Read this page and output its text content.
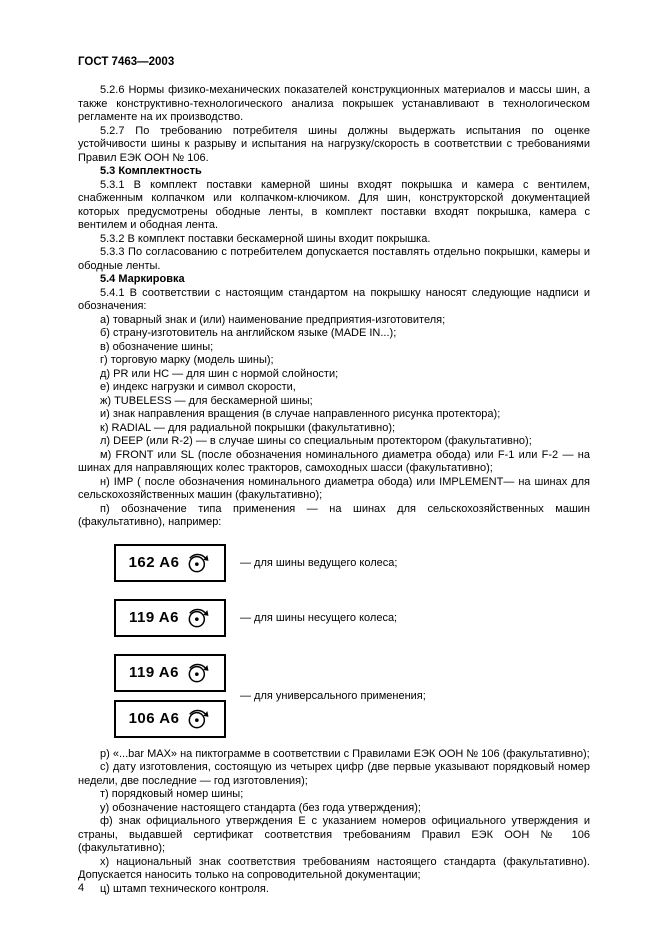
ГОСТ 7463—2003

5.2.6 Нормы физико-механических показателей конструкционных материалов и массы шин, а также конструктивно-технологического анализа покрышек устанавливают в технологическом регламенте на их производство.

5.2.7 По требованию потребителя шины должны выдержать испытания по оценке устойчивости шины к разрыву и испытания на нагрузку/скорость в соответствии с требованиями Правил ЕЭК ООН № 106.

5.3 Комплектность

5.3.1 В комплект поставки камерной шины входят покрышка и камера с вентилем, снабженным колпачком или колпачком-ключиком. Для шин, конструкторской документацией которых предусмотрены ободные ленты, в комплект поставки входят покрышка, камера с вентилем и ободная лента.

5.3.2 В комплект поставки бескамерной шины входит покрышка.

5.3.3 По согласованию с потребителем допускается поставлять отдельно покрышки, камеры и ободные ленты.

5.4 Маркировка

5.4.1 В соответствии с настоящим стандартом на покрышку наносят следующие надписи и обозначения:

а) товарный знак и (или) наименование предприятия-изготовителя;

б) страну-изготовитель на английском языке (MADE IN...);

в) обозначение шины;

г) торговую марку (модель шины);

д) PR или HC — для шин с нормой слойности;

е) индекс нагрузки и символ скорости,

ж) TUBELESS — для бескамерной шины;

и) знак направления вращения (в случае направленного рисунка протектора);

к) RADIAL — для радиальной покрышки (факультативно);

л) DEEP (или R-2) — в случае шины со специальным протектором (факультативно);

м) FRONT или SL (после обозначения номинального диаметра обода) или F-1 или F-2 — на шинах для направляющих колес тракторов, самоходных шасси (факультативно);

н) IMP ( после обозначения номинального диаметра обода) или IMPLEMENT— на шинах для сельскохозяйственных машин (факультативно);

п) обозначение типа применения — на шинах для сельскохозяйственных машин (факультативно), например:

162 A6	— для шины ведущего колеса;
119 A6	— для шины несущего колеса;
119 A6
106 A6
— для универсального применения;

р) «...bar MAX» на пиктограмме в соответствии с Правилами ЕЭК ООН № 106 (факультативно);

с) дату изготовления, состоящую из четырех цифр (две первые указывают порядковый номер недели, две последние — год изготовления);

т) порядковый номер шины;

у) обозначение настоящего стандарта (без года утверждения);

ф) знак официального утверждения Е с указанием номеров официального утверждения и страны, выдавшей сертификат соответствия требованиям Правил ЕЭК ООН № 106 (факультативно);

х) национальный знак соответствия требованиям настоящего стандарта (факультативно). Допускается наносить только на сопроводительной документации;

ц) штамп технического контроля.

4
